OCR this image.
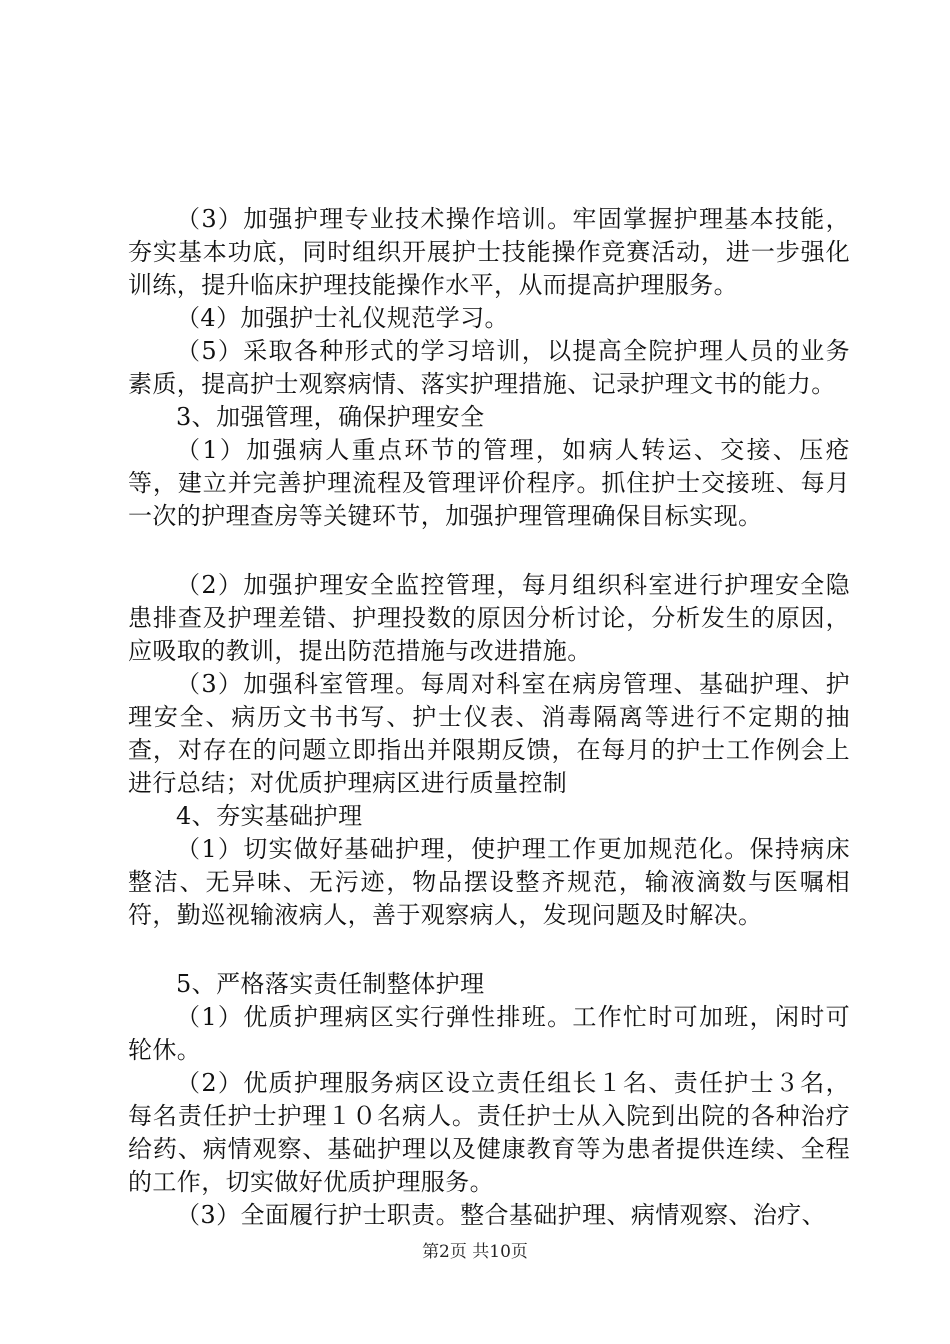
（3）加强护理专业技术操作培训。牢固掌握护理基本技能，夯实基本功底，同时组织开展护士技能操作竞赛活动，进一步强化训练，提升临床护理技能操作水平，从而提高护理服务。

（4）加强护士礼仪规范学习。

（5）采取各种形式的学习培训，以提高全院护理人员的业务素质，提高护士观察病情、落实护理措施、记录护理文书的能力。

3、加强管理，确保护理安全

（1）加强病人重点环节的管理，如病人转运、交接、压疮等，建立并完善护理流程及管理评价程序。抓住护士交接班、每月一次的护理查房等关键环节，加强护理管理确保目标实现。

（2）加强护理安全监控管理，每月组织科室进行护理安全隐患排查及护理差错、护理投数的原因分析讨论，分析发生的原因，应吸取的教训，提出防范措施与改进措施。

（3）加强科室管理。每周对科室在病房管理、基础护理、护理安全、病历文书书写、护士仪表、消毒隔离等进行不定期的抽查，对存在的问题立即指出并限期反馈，在每月的护士工作例会上进行总结；对优质护理病区进行质量控制

4、夯实基础护理

（1）切实做好基础护理，使护理工作更加规范化。保持病床整洁、无异味、无污迹，物品摆设整齐规范，输液滴数与医嘱相符，勤巡视输液病人，善于观察病人，发现问题及时解决。

5、严格落实责任制整体护理

（1）优质护理病区实行弹性排班。工作忙时可加班，闲时可轮休。

（2）优质护理服务病区设立责任组长１名、责任护士３名，每名责任护士护理１０名病人。责任护士从入院到出院的各种治疗给药、病情观察、基础护理以及健康教育等为患者提供连续、全程的工作，切实做好优质护理服务。

（3）全面履行护士职责。整合基础护理、病情观察、治疗、

第2页 共10页
